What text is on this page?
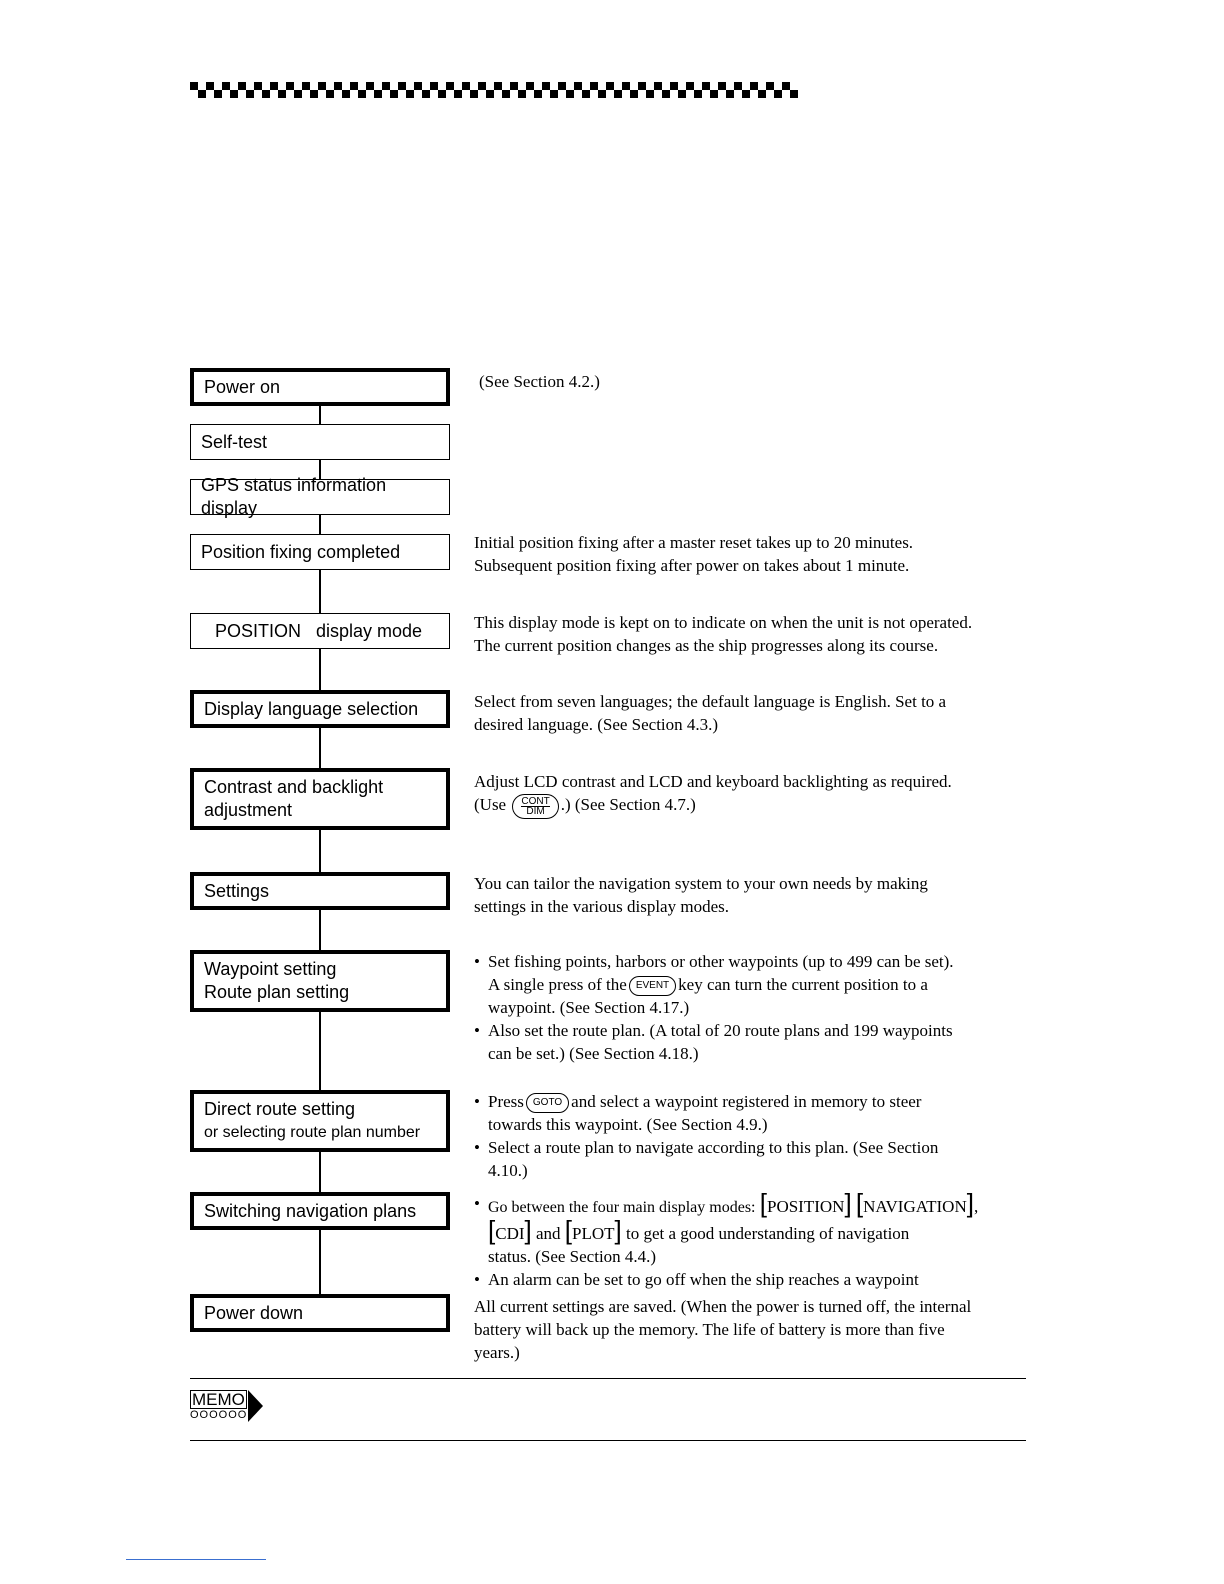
Power on
Self-test
GPS status information display
Position fixing completed
POSITION   display mode
Display language selection
Contrast and backlight
adjustment
Settings
Waypoint setting
Route plan setting
Direct route setting
or selecting route plan number
Switching navigation plans
Power down

(See Section 4.2.)

Initial position fixing after a master reset takes up to 20 minutes.

Subsequent position fixing after power on takes about 1 minute.

This display mode is kept on to indicate on when the unit is not operated.

The current position changes as the ship progresses along its course.

Select from seven languages; the default language is English. Set to a

desired language. (See Section 4.3.)

Adjust LCD contrast and LCD and keyboard backlighting as required.

(Use CONT
DIM .) (See Section 4.7.)

You can tailor the navigation system to your own needs by making

settings in the various display modes.

• Set fishing points, harbors or other waypoints (up to 499 can be set).

A single press of the EVENT key can turn the current position to a

waypoint. (See Section 4.17.)

• Also set the route plan. (A total of 20 route plans and 199 waypoints

can be set.) (See Section 4.18.)

• Press GOTO and select a waypoint registered in memory to steer

towards this waypoint. (See Section 4.9.)

• Select a route plan to navigate according to this plan. (See Section

4.10.)

• Go between the four main display modes: [POSITION] [NAVIGATION],

[CDI] and [PLOT] to get a good understanding of navigation

status. (See Section 4.4.)

• An alarm can be set to go off when the ship reaches a waypoint

All current settings are saved. (When the power is turned off, the internal

battery will back up the memory. The life of battery is more than five

years.)

MEMO
OOOOOO
